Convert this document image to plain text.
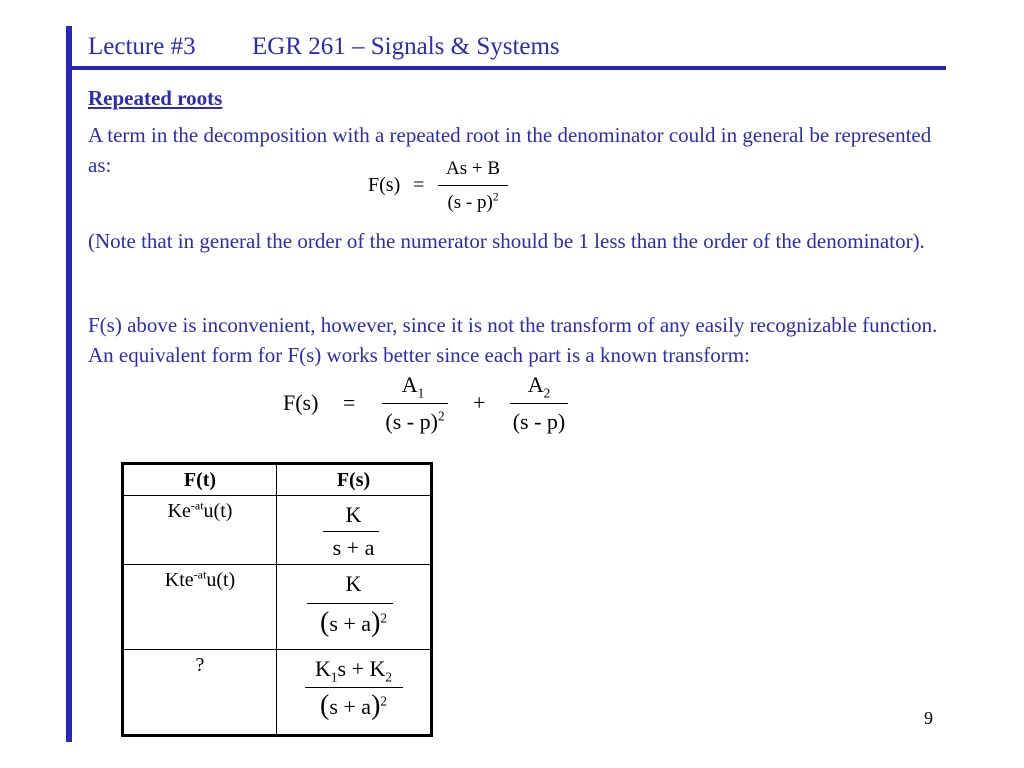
Lecture #3 EGR 261 – Signals & Systems
Repeated roots
A term in the decomposition with a repeated root in the denominator could in general be represented as:
F(s) =
As + B
(s - p)$^2$
(Note that in general the order of the numerator should be 1 less than the order of the denominator).
F(s) above is inconvenient, however, since it is not the transform of any easily recognizable function. An equivalent form for F(s) works better since each part is a known transform:
F(s) =
$A_1$
(s - p)$^2$
+
$A_2$
(s - p)
F(t)	F(s)

$Ke^{-at}u(t)$	K
s + a

Kte$^{-at}$u(t)	K
$(s + a)^2$

?	$K_1s + K_2$
$(s + a)^2$
9
